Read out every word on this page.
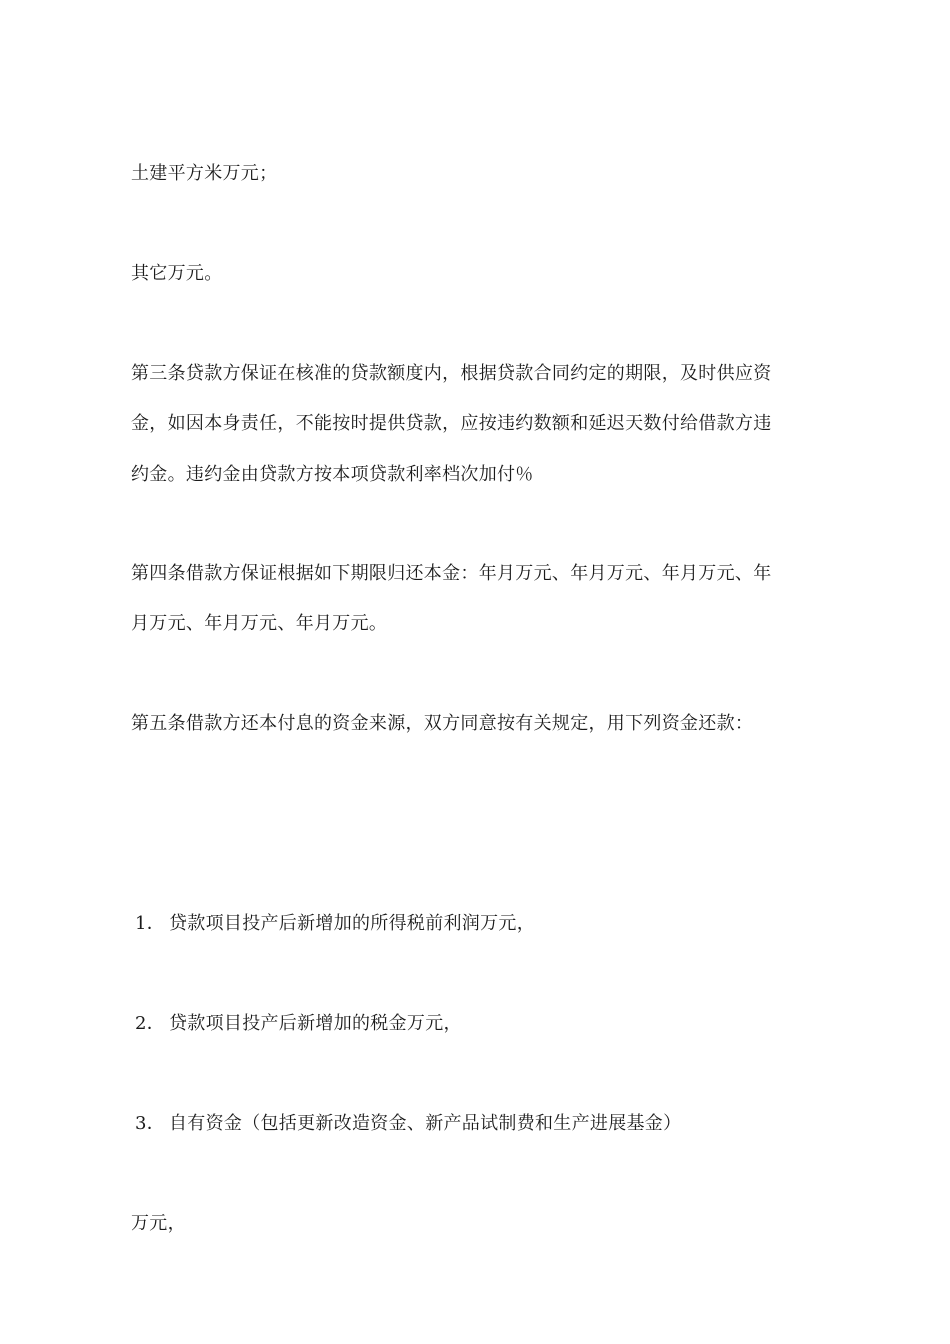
土建平方米万元；
其它万元。
第三条贷款方保证在核准的贷款额度内，根据贷款合同约定的期限，及时供应资
金，如因本身责任，不能按时提供贷款，应按违约数额和延迟天数付给借款方违
约金。违约金由贷款方按本项贷款利率档次加付％
第四条借款方保证根据如下期限归还本金：年月万元、年月万元、年月万元、年
月万元、年月万元、年月万元。
第五条借款方还本付息的资金来源，双方同意按有关规定，用下列资金还款：
1． 贷款项目投产后新增加的所得税前利润万元，
2． 贷款项目投产后新增加的税金万元，
3． 自有资金（包括更新改造资金、新产品试制费和生产进展基金）
万元，
